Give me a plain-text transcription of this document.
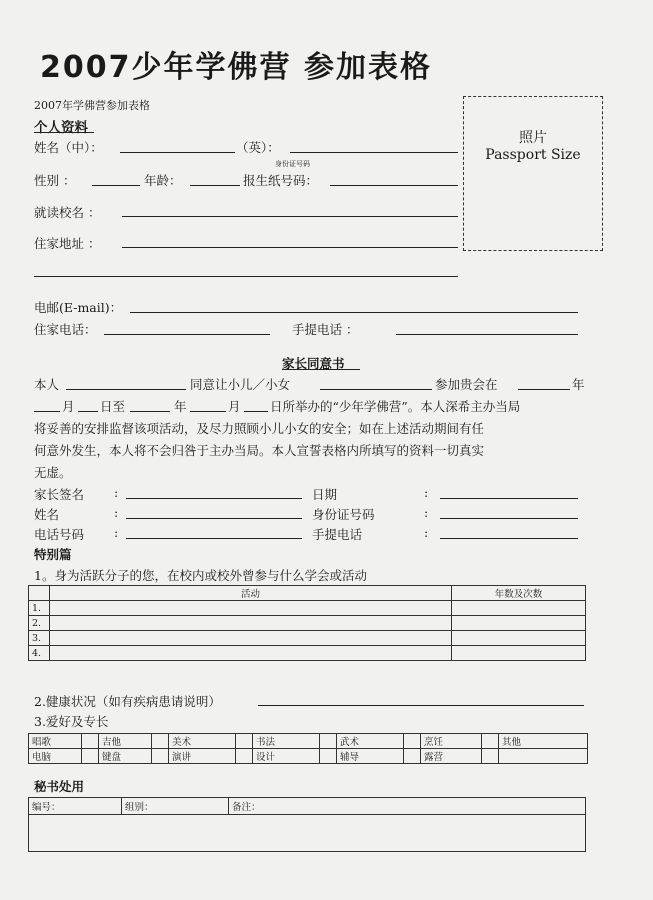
2007少年学佛营 参加表格
2007年学佛营参加表格
照片
Passport Size
个人资料
姓名（中）：	（英）：
身份证号码
性别 ：	年龄：	报生纸号码：
就读校名 ：
住家地址 ：
电邮(E-mail)：
住家电话：	手提电话 ：
家长同意书
本人	同意让小儿／小女	参加贵会在	年
月 日至	年	月 日所举办的“少年学佛营”。本人深希主办当局
将妥善的安排监督该项活动，及尽力照顾小儿小女的安全；如在上述活动期间有任
何意外发生，本人将不会归咎于主办当局。本人宣誓表格内所填写的资料一切真实
无虚。
家长签名 :	日期	:
姓名	:	身份证号码	:
电话号码 :	手提电话	:
特别篇
1。身为活跃分子的您，在校内或校外曾参与什么学会或活动
	活动	年数及次数
1.		
2.		
3.		
4.		
2.健康状况（如有疾病患请说明）
3.爱好及专长
唱歌		吉他		美术		书法		武术		烹饪		其他
电脑		键盘		演讲		设计		辅导		露营		
秘书处用
编号：	组别：	备注：
